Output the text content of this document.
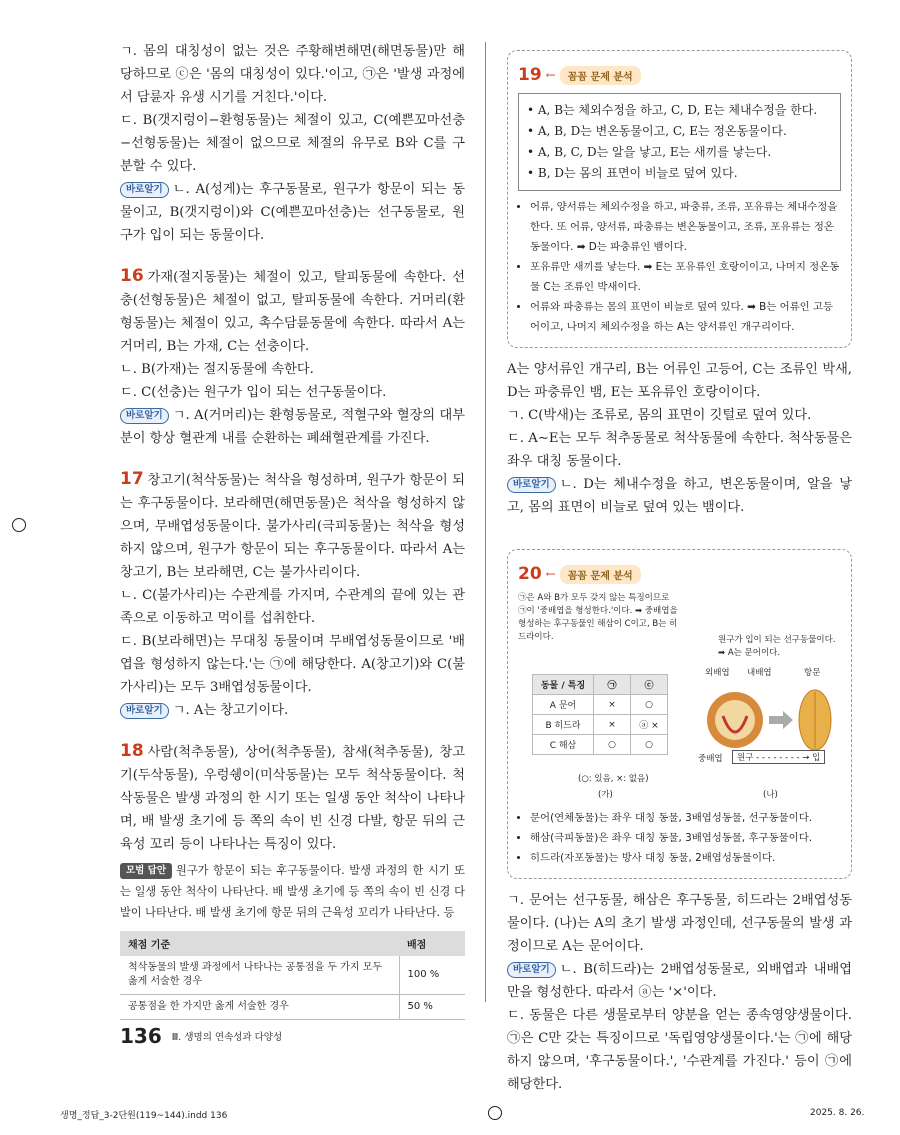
ㄱ. 몸의 대칭성이 없는 것은 주황해변해면(해면동물)만 해당하므로 ⓒ은 '몸의 대칭성이 있다.'이고, ㉠은 '발생 과정에서 담륜자 유생 시기를 거친다.'이다.

ㄷ. B(갯지렁이−환형동물)는 체절이 있고, C(예쁜꼬마선충−선형동물)는 체절이 없으므로 체절의 유무로 B와 C를 구분할 수 있다.

바로알기 ㄴ. A(성게)는 후구동물로, 원구가 항문이 되는 동물이고, B(갯지렁이)와 C(예쁜꼬마선충)는 선구동물로, 원구가 입이 되는 동물이다.

16 가재(절지동물)는 체절이 있고, 탈피동물에 속한다. 선충(선형동물)은 체절이 없고, 탈피동물에 속한다. 거머리(환형동물)는 체절이 있고, 촉수담륜동물에 속한다. 따라서 A는 거머리, B는 가재, C는 선충이다.

ㄴ. B(가재)는 절지동물에 속한다.

ㄷ. C(선충)는 원구가 입이 되는 선구동물이다.

바로알기 ㄱ. A(거머리)는 환형동물로, 적혈구와 혈장의 대부분이 항상 혈관계 내를 순환하는 폐쇄혈관계를 가진다.

17 창고기(척삭동물)는 척삭을 형성하며, 원구가 항문이 되는 후구동물이다. 보라해면(해면동물)은 척삭을 형성하지 않으며, 무배엽성동물이다. 불가사리(극피동물)는 척삭을 형성하지 않으며, 원구가 항문이 되는 후구동물이다. 따라서 A는 창고기, B는 보라해면, C는 불가사리이다.

ㄴ. C(불가사리)는 수관계를 가지며, 수관계의 끝에 있는 관족으로 이동하고 먹이를 섭취한다.

ㄷ. B(보라해면)는 무대칭 동물이며 무배엽성동물이므로 '배엽을 형성하지 않는다.'는 ㉠에 해당한다. A(창고기)와 C(불가사리)는 모두 3배엽성동물이다.

바로알기 ㄱ. A는 창고기이다.

18 사람(척추동물), 상어(척추동물), 참새(척추동물), 창고기(두삭동물), 우렁쉥이(미삭동물)는 모두 척삭동물이다. 척삭동물은 발생 과정의 한 시기 또는 일생 동안 척삭이 나타나며, 배 발생 초기에 등 쪽의 속이 빈 신경 다발, 항문 뒤의 근육성 꼬리 등이 나타나는 특징이 있다.

모범 답안 원구가 항문이 되는 후구동물이다. 발생 과정의 한 시기 또는 일생 동안 척삭이 나타난다. 배 발생 초기에 등 쪽의 속이 빈 신경 다발이 나타난다. 배 발생 초기에 항문 뒤의 근육성 꼬리가 나타난다. 등

채점 기준	배점
척삭동물의 발생 과정에서 나타나는 공통점을 두 가지 모두 옳게 서술한 경우	100 %
공통점을 한 가지만 옳게 서술한 경우	50 %
19 ←	꼼꼼 문제 분석
• A, B는 체외수정을 하고, C, D, E는 체내수정을 한다.
• A, B, D는 변온동물이고, C, E는 정온동물이다.
• A, B, C, D는 알을 낳고, E는 새끼를 낳는다.
• B, D는 몸의 표면이 비늘로 덮여 있다.
• 어류, 양서류는 체외수정을 하고, 파충류, 조류, 포유류는 체내수정을 한다. 또 어류, 양서류, 파충류는 변온동물이고, 조류, 포유류는 정온동물이다. ➡ D는 파충류인 뱀이다.
• 포유류만 새끼를 낳는다. ➡ E는 포유류인 호랑이이고, 나머지 정온동물 C는 조류인 박새이다.
• 어류와 파충류는 몸의 표면이 비늘로 덮여 있다. ➡ B는 어류인 고등어이고, 나머지 체외수정을 하는 A는 양서류인 개구리이다.

A는 양서류인 개구리, B는 어류인 고등어, C는 조류인 박새, D는 파충류인 뱀, E는 포유류인 호랑이이다.

ㄱ. C(박새)는 조류로, 몸의 표면이 깃털로 덮여 있다.

ㄷ. A∼E는 모두 척추동물로 척삭동물에 속한다. 척삭동물은 좌우 대칭 동물이다.

바로알기 ㄴ. D는 체내수정을 하고, 변온동물이며, 알을 낳고, 몸의 표면이 비늘로 덮여 있는 뱀이다.

20 ←	꼼꼼 문제 분석
㉠은 A와 B가 모두 갖지 않는 특징이므로 ㉠이 '중배엽을 형성한다.'이다. ➡ 중배엽을 형성하는 후구동물인 해삼이 C이고, B는 히드라이다.	원구가 입이 되는 선구동물이다. ➡ A는 문어이다.
동물 / 특징	㉠	ⓒ
A 문어	×	○
B 히드라	×	ⓐ ×
C 해삼	○	○
(○: 있음, ×: 없음)
(가)	(나)
외배엽 내배엽	항문
중배엽	원구 - - - - - - - - → 입
• 문어(연체동물)는 좌우 대칭 동물, 3배엽성동물, 선구동물이다.
• 해삼(극피동물)은 좌우 대칭 동물, 3배엽성동물, 후구동물이다.
• 히드라(자포동물)는 방사 대칭 동물, 2배엽성동물이다.

ㄱ. 문어는 선구동물, 해삼은 후구동물, 히드라는 2배엽성동물이다. (나)는 A의 초기 발생 과정인데, 선구동물의 발생 과정이므로 A는 문어이다.

바로알기 ㄴ. B(히드라)는 2배엽성동물로, 외배엽과 내배엽만을 형성한다. 따라서 ⓐ는 '×'이다.

ㄷ. 동물은 다른 생물로부터 양분을 얻는 종속영양생물이다. ㉠은 C만 갖는 특징이므로 '독립영양생물이다.'는 ㉠에 해당하지 않으며, '후구동물이다.', '수관계를 가진다.' 등이 ㉠에 해당한다.

136 Ⅲ. 생명의 연속성과 다양성
생명_정답_3-2단원(119~144).indd 136	2025. 8. 26.
